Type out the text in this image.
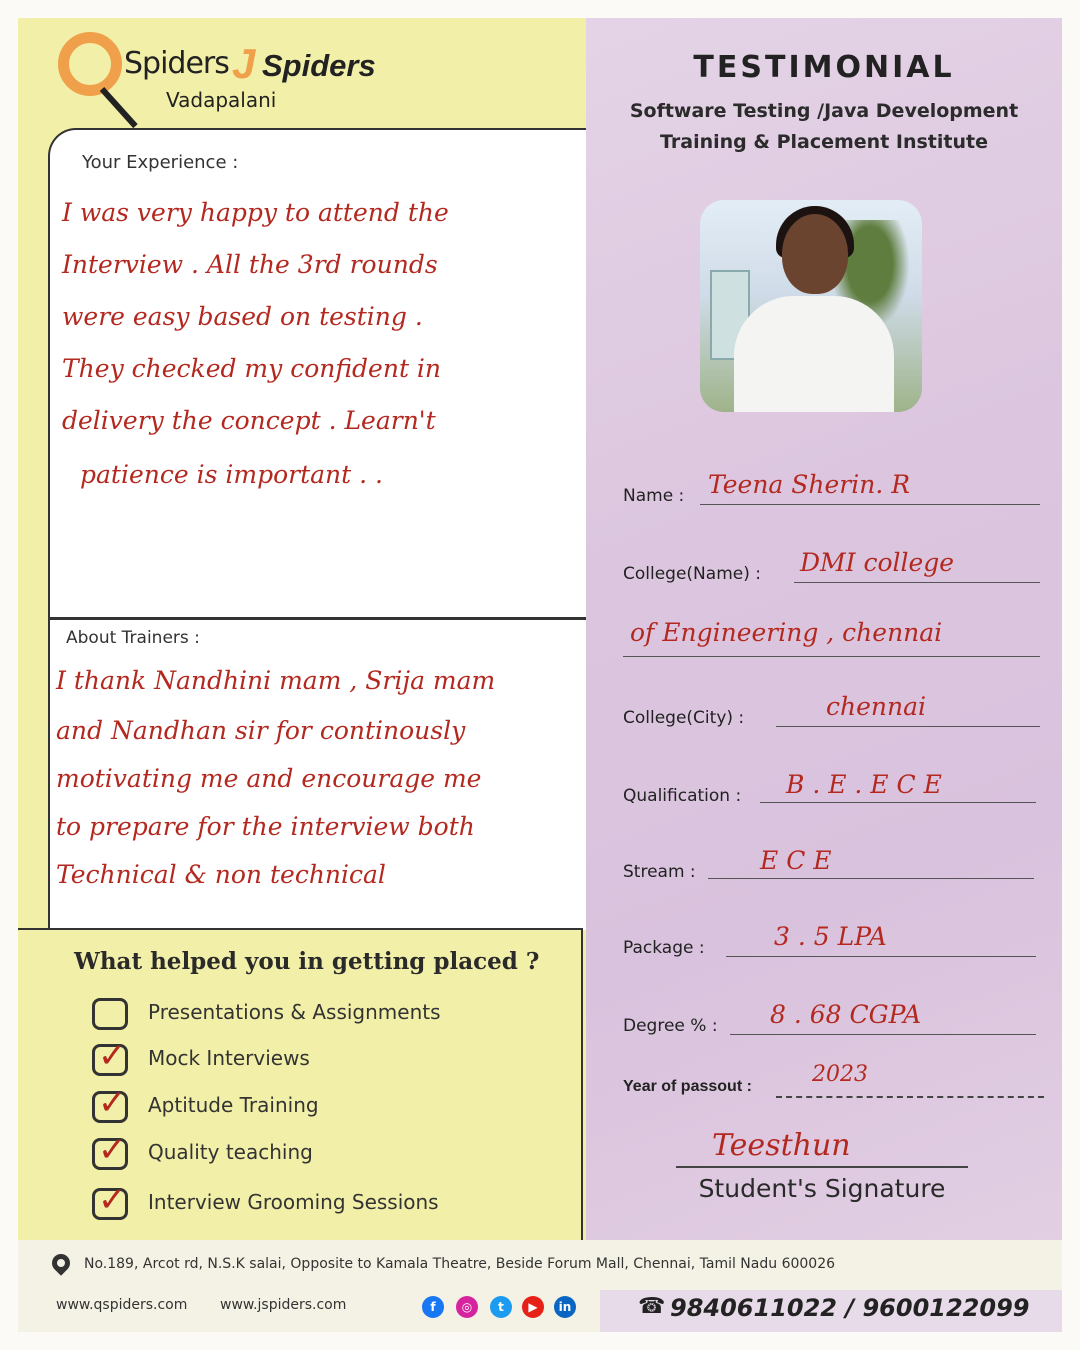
Spiders J Spiders
Vadapalani
TESTIMONIAL
Software Testing /Java Development
Training & Placement Institute
Your Experience :
I was very happy to attend the
Interview . All the 3rd rounds
were easy based on testing .
They checked my confident in
delivery the concept . Learn't
patience is important . .
About Trainers :
I thank Nandhini mam , Srija mam
and Nandhan sir for continously
motivating me and encourage me
to prepare for the interview both
Technical & non technical
What helped you in getting placed ?
Presentations & Assignments
✓ Mock Interviews
✓ Aptitude Training
✓ Quality teaching
✓ Interview Grooming Sessions
Name : Teena Sherin. R
College(Name) : DMI college
of Engineering , chennai
College(City) :	chennai
Qualification : B . E . E C E
Stream :	E C E
Package :	3 . 5 LPA
Degree % : 8 . 68 CGPA
Year of passout :	2023
Teesthun
Student's Signature
No.189, Arcot rd, N.S.K salai, Opposite to Kamala Theatre, Beside Forum Mall, Chennai, Tamil Nadu 600026
www.qspiders.com www.jspiders.com	f	◎	t	▶	in	☎ 9840611022 / 9600122099
